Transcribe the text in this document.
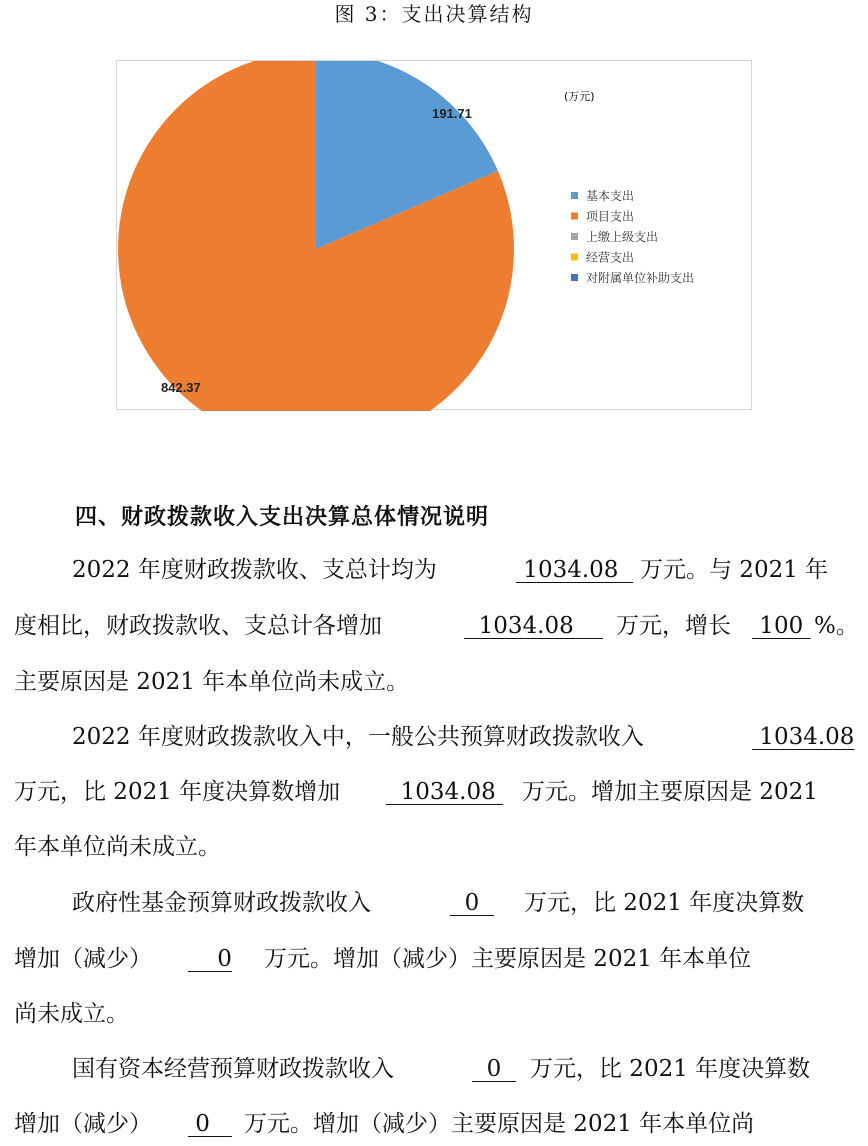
图 3：支出决算结构
(万元)
191.71
842.37
基本支出
项目支出
上缴上级支出
经营支出
对附属单位补助支出
四、财政拨款收入支出决算总体情况说明
2022 年度财政拨款收、支总计均为	1034.08 万元。与 2021 年
度相比，财政拨款收、支总计各增加	1034.08 万元，增长 100 %。
主要原因是 2021 年本单位尚未成立。
2022 年度财政拨款收入中，一般公共预算财政拨款收入	1034.08
万元，比 2021 年度决算数增加 1034.08 万元。增加主要原因是 2021
年本单位尚未成立。
政府性基金预算财政拨款收入	0 万元，比 2021 年度决算数
增加（减少） 0 万元。增加（减少）主要原因是 2021 年本单位
尚未成立。
国有资本经营预算财政拨款收入	0 万元，比 2021 年度决算数
增加（减少） 0 万元。增加（减少）主要原因是 2021 年本单位尚
